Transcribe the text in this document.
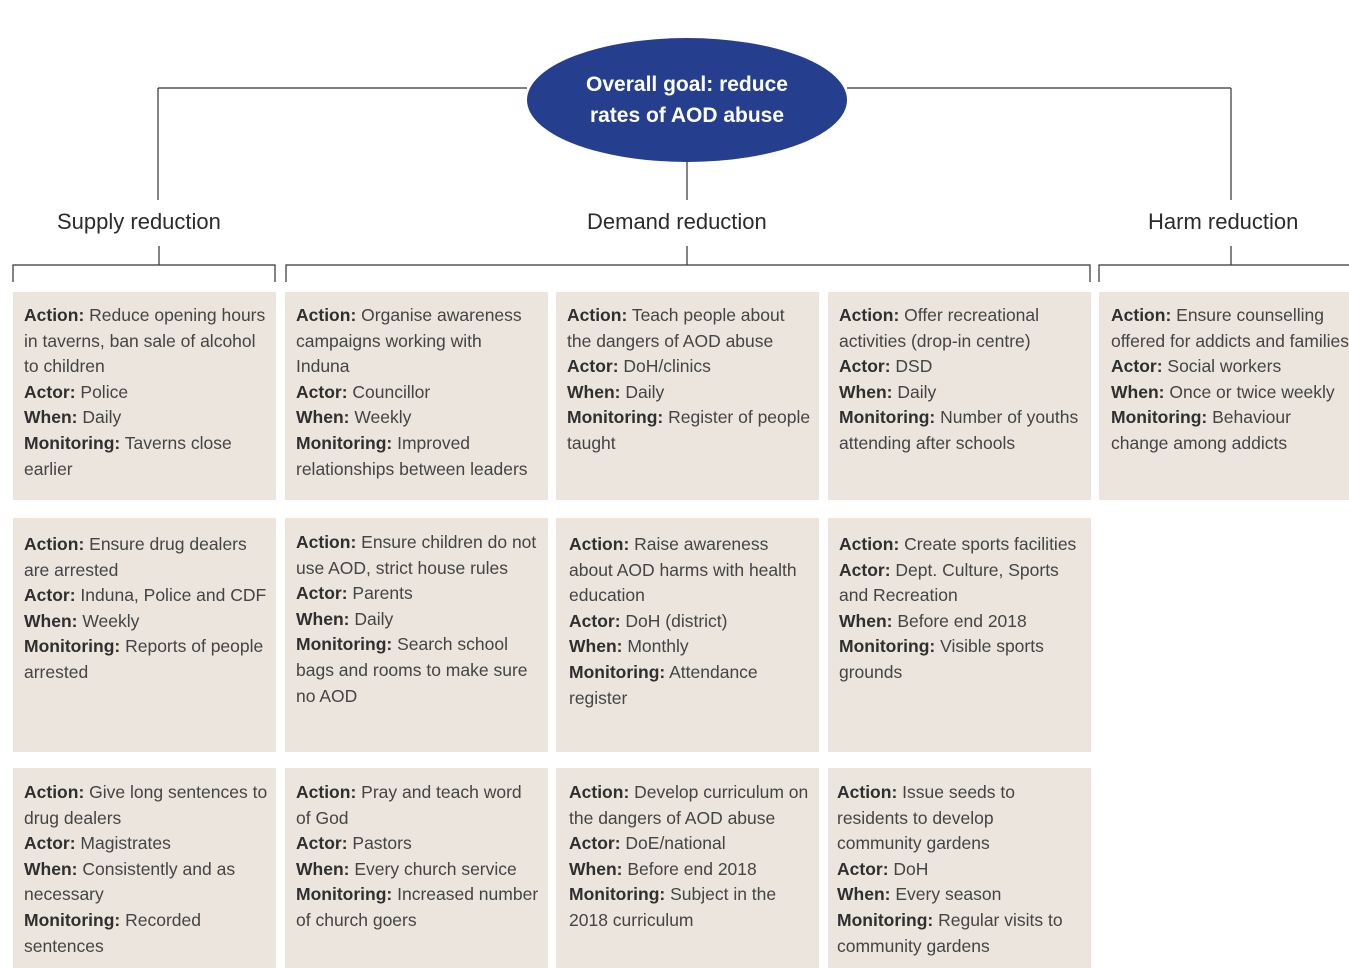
Overall goal: reduce rates of AOD abuse
Supply reduction	Demand reduction	Harm reduction
Action: Reduce opening hours in taverns, ban sale of alcohol to children
Actor: Police
When: Daily
Monitoring: Taverns close earlier
Action: Organise awareness campaigns working with Induna
Actor: Councillor
When: Weekly
Monitoring: Improved relationships between leaders
Action: Teach people about the dangers of AOD abuse
Actor: DoH/clinics
When: Daily
Monitoring: Register of people taught
Action: Offer recreational activities (drop-in centre)
Actor: DSD
When: Daily
Monitoring: Number of youths attending after schools
Action: Ensure counselling offered for addicts and families
Actor: Social workers
When: Once or twice weekly
Monitoring: Behaviour change among addicts
Action: Ensure drug dealers are arrested
Actor: Induna, Police and CDF
When: Weekly
Monitoring: Reports of people arrested
Action: Ensure children do not use AOD, strict house rules
Actor: Parents
When: Daily
Monitoring: Search school bags and rooms to make sure no AOD
Action: Raise awareness about AOD harms with health education
Actor: DoH (district)
When: Monthly
Monitoring: Attendance register
Action: Create sports facilities
Actor: Dept. Culture, Sports and Recreation
When: Before end 2018
Monitoring: Visible sports grounds
Action: Give long sentences to drug dealers
Actor: Magistrates
When: Consistently and as necessary
Monitoring: Recorded sentences
Action: Pray and teach word of God
Actor: Pastors
When: Every church service
Monitoring: Increased number of church goers
Action: Develop curriculum on the dangers of AOD abuse
Actor: DoE/national
When: Before end 2018
Monitoring: Subject in the 2018 curriculum
Action: Issue seeds to residents to develop community gardens
Actor: DoH
When: Every season
Monitoring: Regular visits to community gardens
